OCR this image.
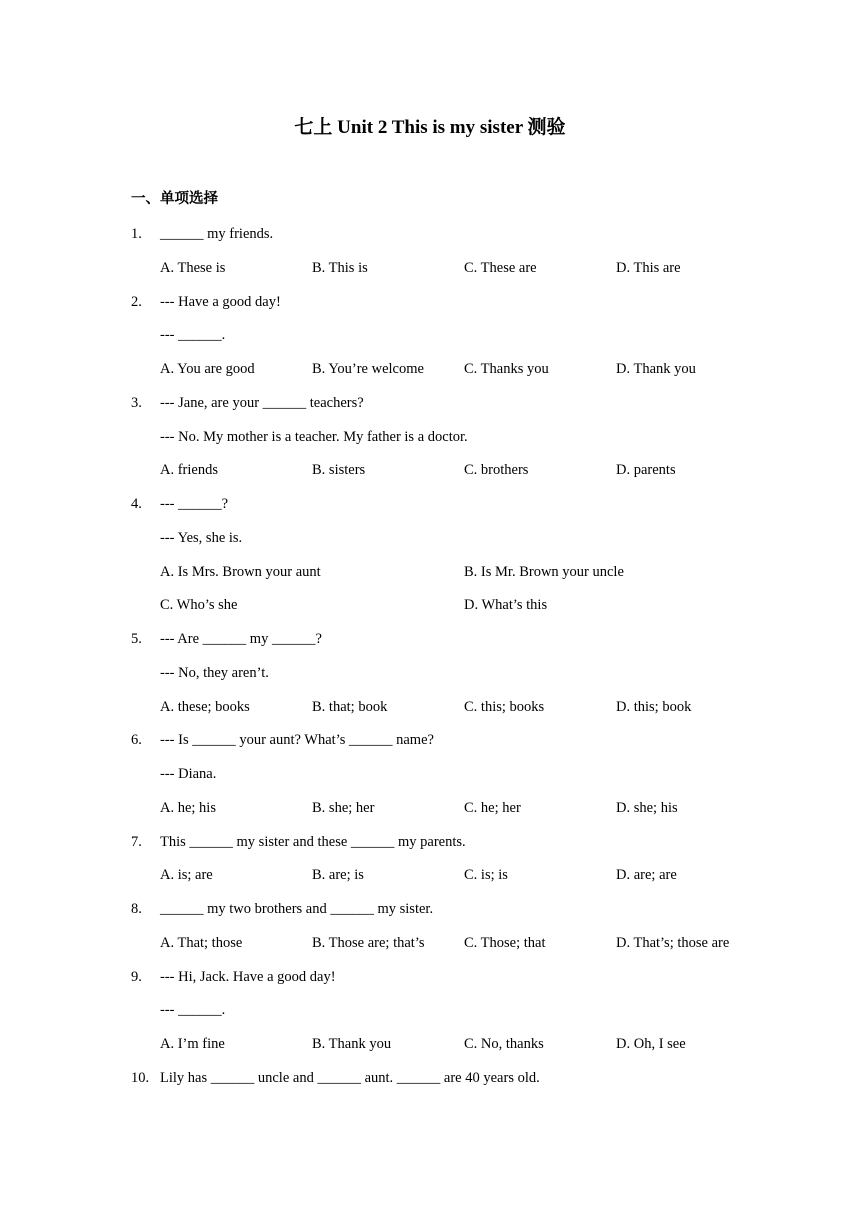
七上 Unit 2 This is my sister 测验
一、单项选择
1. ______ my friends.
A. These is	B. This is	C. These are	D. This are
2. --- Have a good day!
--- ______.
A. You are good	B. You’re welcome	C. Thanks you	D. Thank you
3. --- Jane, are your ______ teachers?
--- No. My mother is a teacher. My father is a doctor.
A. friends	B. sisters	C. brothers	D. parents
4. --- ______?
--- Yes, she is.
A. Is Mrs. Brown your aunt	B. Is Mr. Brown your uncle
C. Who’s she	D. What’s this
5. --- Are ______ my ______?
--- No, they aren’t.
A. these; books	B. that; book	C. this; books	D. this; book
6. --- Is ______ your aunt? What’s ______ name?
--- Diana.
A. he; his	B. she; her	C. he; her	D. she; his
7. This ______ my sister and these ______ my parents.
A. is; are	B. are; is	C. is; is	D. are; are
8. ______ my two brothers and ______ my sister.
A. That; those	B. Those are; that’s	C. Those; that	D. That’s; those are
9. --- Hi, Jack. Have a good day!
--- ______.
A. I’m fine	B. Thank you	C. No, thanks	D. Oh, I see
10. Lily has ______ uncle and ______ aunt. ______ are 40 years old.
